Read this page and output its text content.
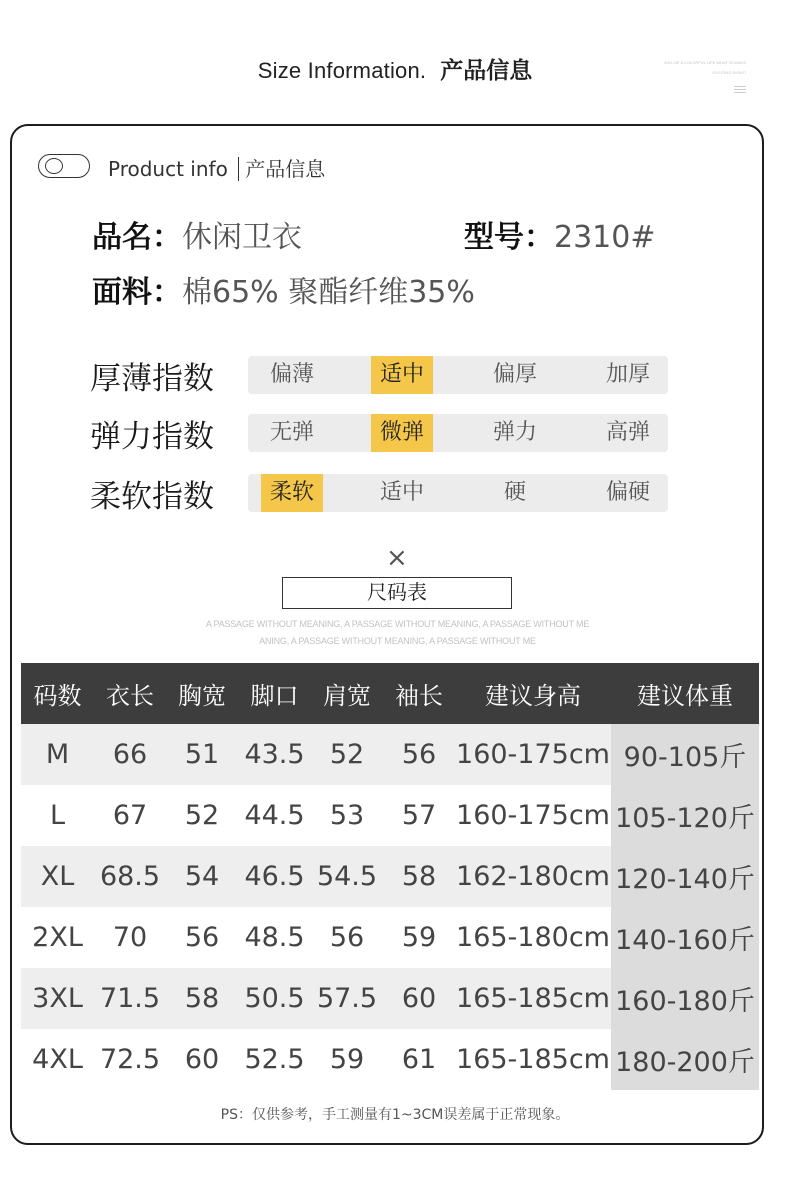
Size Information. 产品信息	WILL BE A COLORFUL LIFE WHAT SOUNDS
EXCITING RIGHT!
Product info 产品信息
品名：休闲卫衣	型号：2310#
面料：棉65% 聚酯纤维35%
厚薄指数	偏薄	适中	偏厚	加厚
弹力指数	无弹	微弹	弹力	高弹
柔软指数	柔软	适中	硬	偏硬
×
尺码表
A PASSAGE WITHOUT MEANING, A PASSAGE WITHOUT MEANING, A PASSAGE WITHOUT ME
ANING, A PASSAGE WITHOUT MEANING, A PASSAGE WITHOUT ME
码数	衣长	胸宽	脚口	肩宽	袖长	建议身高	建议体重
M	66	51	43.5	52	56	160-175cm	90-105斤
L	67	52	44.5	53	57	160-175cm	105-120斤
XL	68.5	54	46.5	54.5	58	162-180cm	120-140斤
2XL	70	56	48.5	56	59	165-180cm	140-160斤
3XL	71.5	58	50.5	57.5	60	165-185cm	160-180斤
4XL	72.5	60	52.5	59	61	165-185cm	180-200斤
PS：仅供参考，手工测量有1~3CM误差属于正常现象。
